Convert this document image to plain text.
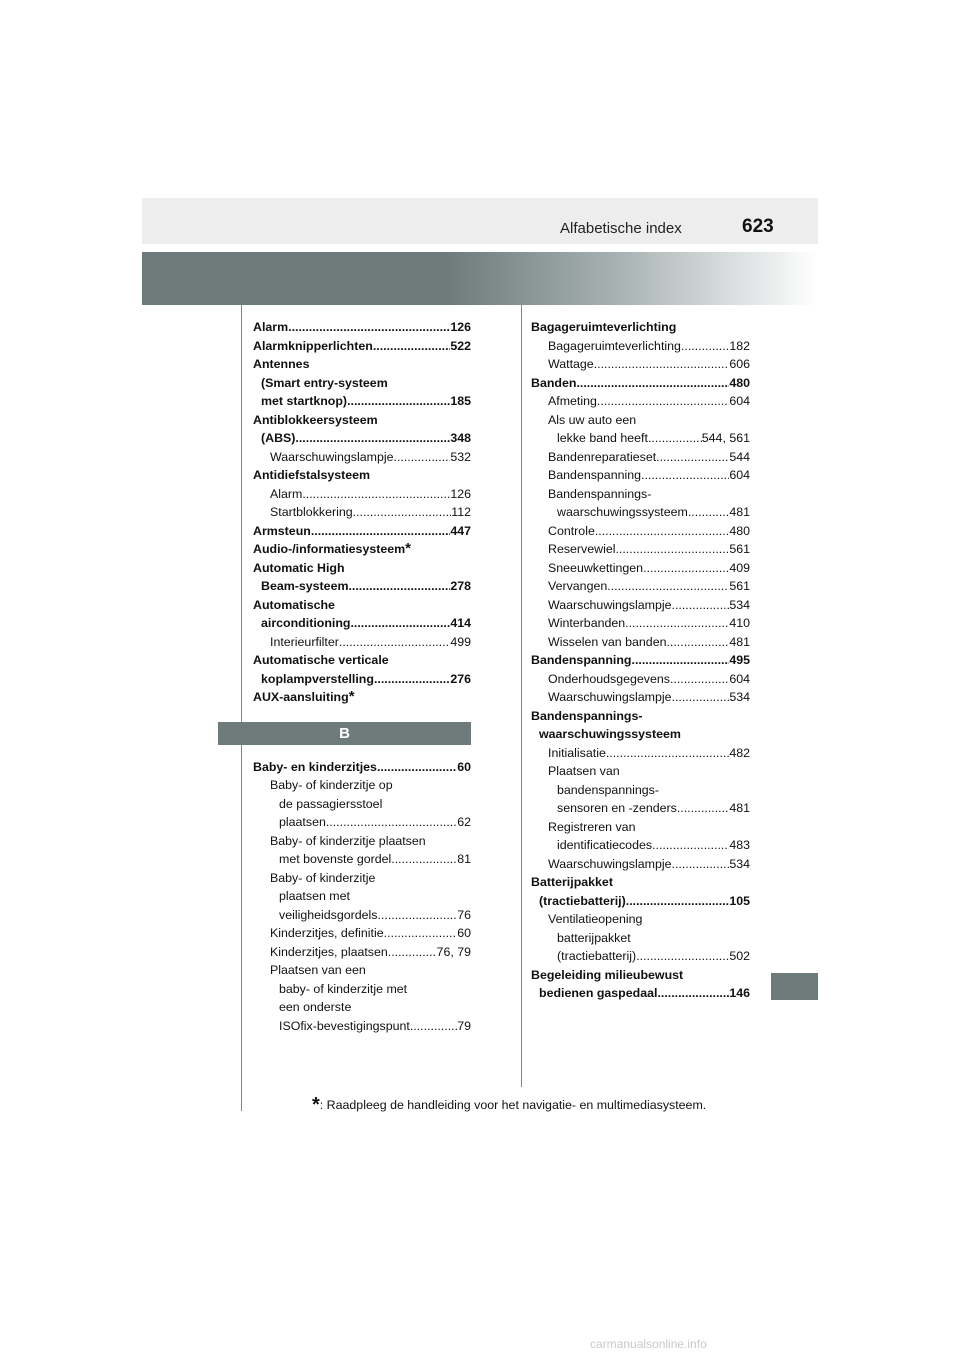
Alfabetische index	623
Alarm .....	126
Alarmknipperlichten .....	522
Antennes
(Smart entry-systeem
met startknop) .....	185
Antiblokkeersysteem
(ABS) .....	348
Waarschuwingslampje .....	532
Antidiefstalsysteem
Alarm .....	126
Startblokkering .....	112
Armsteun .....	447
Audio-/informatiesysteem *
Automatic High
Beam-systeem .....	278
Automatische
airconditioning .....	414
Interieurfilter .....	499
Automatische verticale
koplampverstelling .....	276
AUX-aansluiting *
B
Baby- en kinderzitjes .....	60
Baby- of kinderzitje op
de passagiersstoel
plaatsen .....	62
Baby- of kinderzitje plaatsen
met bovenste gordel .....	81
Baby- of kinderzitje
plaatsen met
veiligheidsgordels .....	76
Kinderzitjes, definitie .....	60
Kinderzitjes, plaatsen .....	76, 79
Plaatsen van een
baby- of kinderzitje met
een onderste
ISOfix-bevestigingspunt .....	79
Bagageruimteverlichting
Bagageruimteverlichting .....	182
Wattage .....	606
Banden .....	480
Afmeting .....	604
Als uw auto een
lekke band heeft .....	544, 561
Bandenreparatieset .....	544
Bandenspanning .....	604
Bandenspannings-
waarschuwingssysteem .....	481
Controle .....	480
Reservewiel .....	561
Sneeuwkettingen .....	409
Vervangen .....	561
Waarschuwingslampje .....	534
Winterbanden .....	410
Wisselen van banden .....	481
Bandenspanning .....	495
Onderhoudsgegevens .....	604
Waarschuwingslampje .....	534
Bandenspannings-
waarschuwingssysteem
Initialisatie .....	482
Plaatsen van
bandenspannings-
sensoren en -zenders .....	481
Registreren van
identificatiecodes .....	483
Waarschuwingslampje .....	534
Batterijpakket
(tractiebatterij) .....	105
Ventilatieopening
batterijpakket
(tractiebatterij) .....	502
Begeleiding milieubewust
bedienen gaspedaal .....	146
*: Raadpleeg de handleiding voor het navigatie- en multimediasysteem.
carmanualsonline.info
